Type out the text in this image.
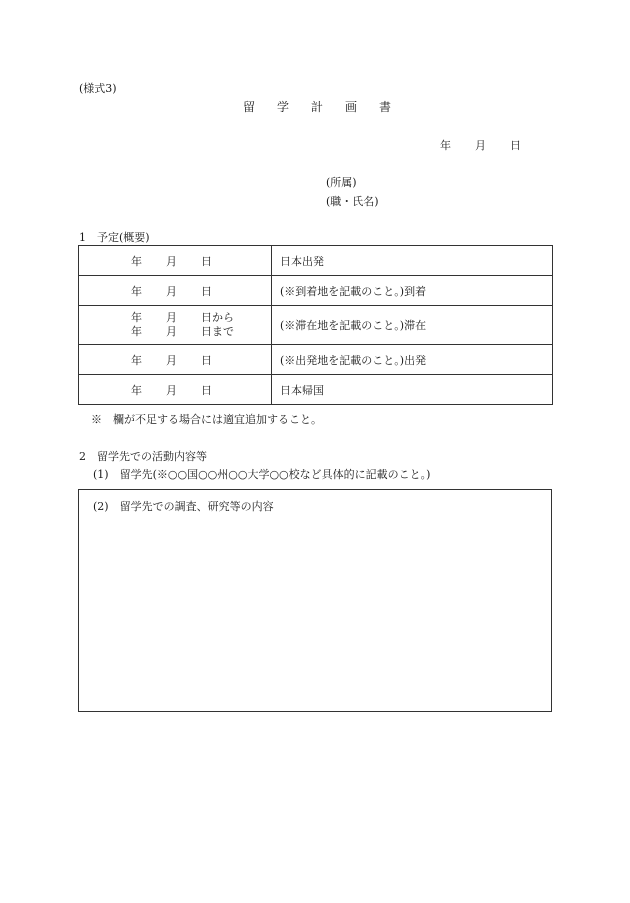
(様式3)
留 学 計 画 書
年 月 日
(所属)
(職・氏名)
1　予定(概要)
年 月 日	日本出発
年 月 日	(※到着地を記載のこと。)到着
年 月 日から 年 月 日まで	(※滞在地を記載のこと。)滞在
年 月 日	(※出発地を記載のこと。)出発
年 月 日	日本帰国
※　欄が不足する場合には適宜追加すること。
2　留学先での活動内容等
(1)　留学先(※○○国○○州○○大学○○校など具体的に記載のこと。)
(2)　留学先での調査、研究等の内容
